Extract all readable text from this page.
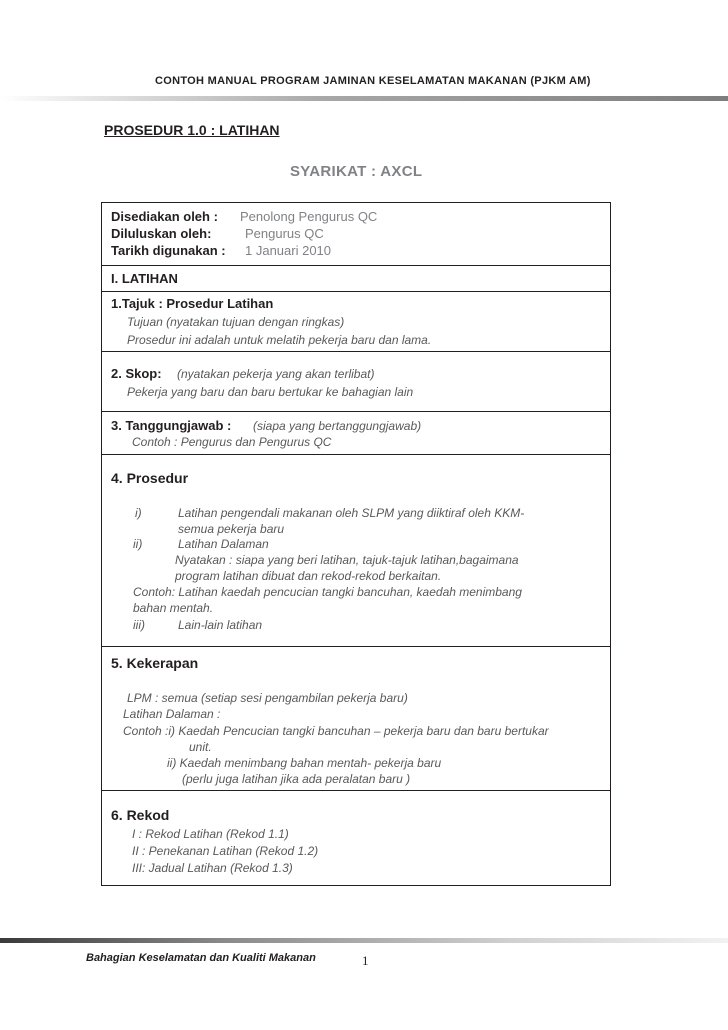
CONTOH MANUAL PROGRAM JAMINAN KESELAMATAN MAKANAN (PJKM AM)
PROSEDUR 1.0 : LATIHAN
SYARIKAT : AXCL
Disediakan oleh : Penolong Pengurus QC
Diluluskan oleh:	Pengurus QC
Tarikh digunakan : 1 Januari 2010
I. LATIHAN
1.Tajuk : Prosedur Latihan
Tujuan (nyatakan tujuan dengan ringkas)
Prosedur ini adalah untuk melatih pekerja baru dan lama.
2. Skop: (nyatakan pekerja yang akan terlibat)
Pekerja yang baru dan baru bertukar ke bahagian lain
3. Tanggungjawab : (siapa yang bertanggungjawab)
Contoh : Pengurus dan Pengurus QC
4. Prosedur
i)	Latihan pengendali makanan oleh SLPM yang diiktiraf oleh KKM-
semua pekerja baru
ii)	Latihan Dalaman
Nyatakan : siapa yang beri latihan, tajuk-tajuk latihan,bagaimana
program latihan dibuat dan rekod-rekod berkaitan.
Contoh: Latihan kaedah pencucian tangki bancuhan, kaedah menimbang
bahan mentah.
iii)	Lain-lain latihan
5. Kekerapan
LPM : semua (setiap sesi pengambilan pekerja baru)
Latihan Dalaman :
Contoh :i) Kaedah Pencucian tangki bancuhan – pekerja baru dan baru bertukar
unit.
ii) Kaedah menimbang bahan mentah- pekerja baru
(perlu juga latihan jika ada peralatan baru )
6. Rekod
I : Rekod Latihan (Rekod 1.1)
II : Penekanan Latihan (Rekod 1.2)
III: Jadual Latihan (Rekod 1.3)
Bahagian Keselamatan dan Kualiti Makanan	1
